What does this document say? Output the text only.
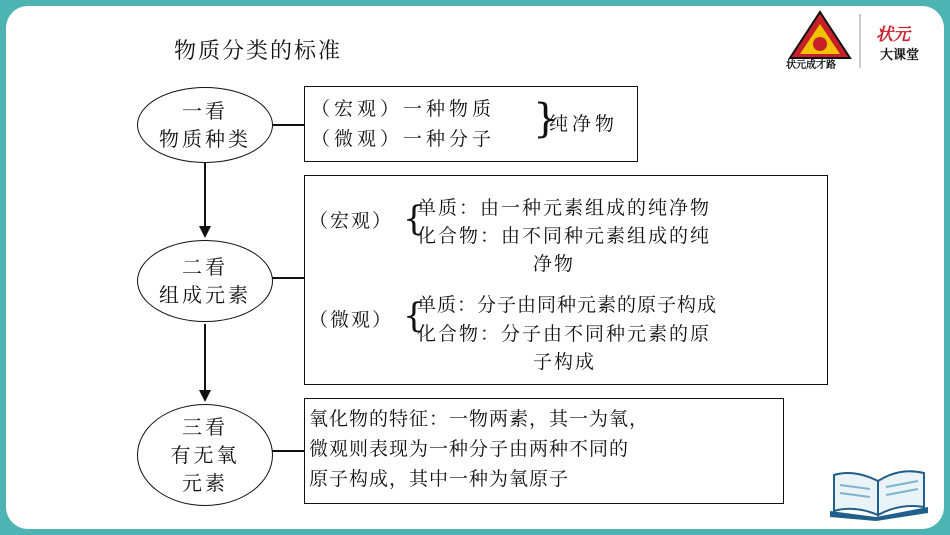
物质分类的标准
状元成才路
状元
大课堂
一看
物质种类
二看
组成元素
三看
有无氧
元素
（宏观）一种物质
（微观）一种分子 }
纯净物
（宏观） {
单质：由一种元素组成的纯净物
化合物：由不同种元素组成的纯
净物
（微观） {
单质：分子由同种元素的原子构成
化合物：分子由不同种元素的原
子构成
氧化物的特征：一物两素，其一为氧，
微观则表现为一种分子由两种不同的
原子构成，其中一种为氧原子
